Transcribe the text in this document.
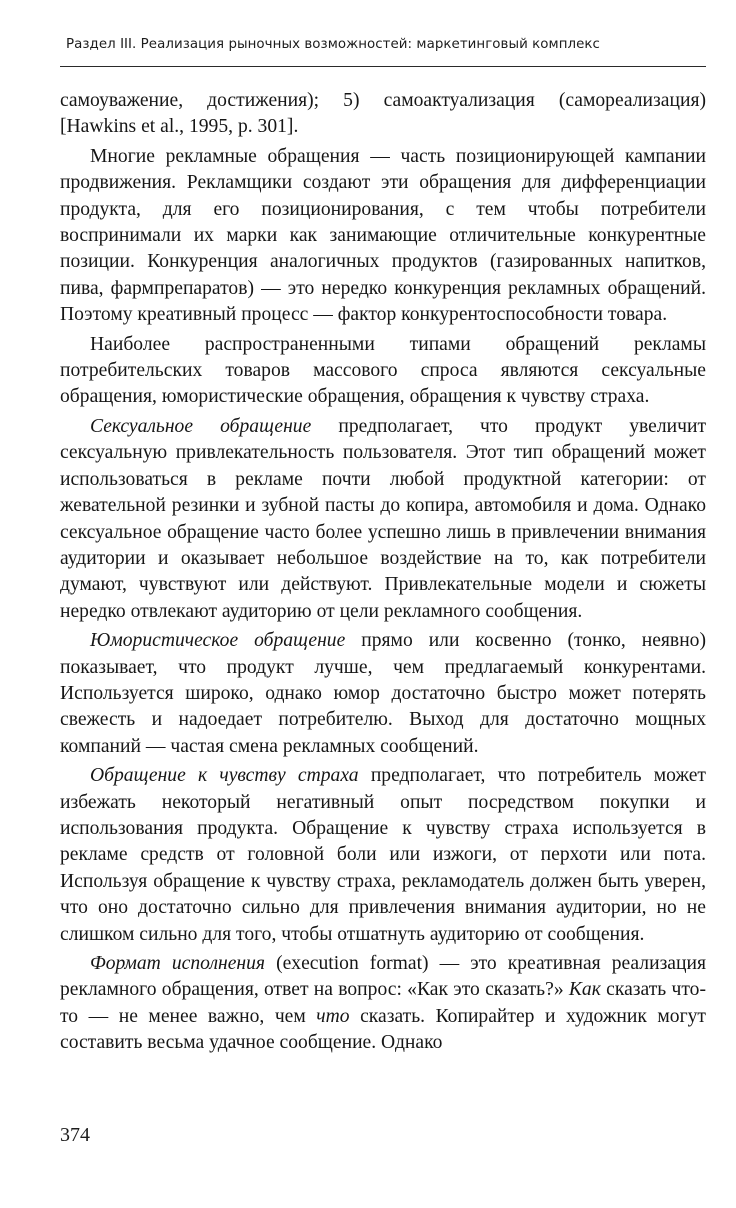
Раздел III. Реализация рыночных возможностей: маркетинговый комплекс

самоуважение, достижения); 5) самоактуализация (самореализация) [Hawkins et al., 1995, p. 301].

Многие рекламные обращения — часть позиционирующей кампании продвижения. Рекламщики создают эти обращения для дифференциации продукта, для его позиционирования, с тем чтобы потребители воспринимали их марки как занимающие отличительные конкурентные позиции. Конкуренция аналогичных продуктов (газированных напитков, пива, фармпрепаратов) — это нередко конкуренция рекламных обращений. Поэтому креативный процесс — фактор конкурентоспособности товара.

Наиболее распространенными типами обращений рекламы потребительских товаров массового спроса являются сексуальные обращения, юмористические обращения, обращения к чувству страха.

Сексуальное обращение предполагает, что продукт увеличит сексуальную привлекательность пользователя. Этот тип обращений может использоваться в рекламе почти любой продуктной категории: от жевательной резинки и зубной пасты до копира, автомобиля и дома. Однако сексуальное обращение часто более успешно лишь в привлечении внимания аудитории и оказывает небольшое воздействие на то, как потребители думают, чувствуют или действуют. Привлекательные модели и сюжеты нередко отвлекают аудиторию от цели рекламного сообщения.

Юмористическое обращение прямо или косвенно (тонко, неявно) показывает, что продукт лучше, чем предлагаемый конкурентами. Используется широко, однако юмор достаточно быстро может потерять свежесть и надоедает потребителю. Выход для достаточно мощных компаний — частая смена рекламных сообщений.

Обращение к чувству страха предполагает, что потребитель может избежать некоторый негативный опыт посредством покупки и использования продукта. Обращение к чувству страха используется в рекламе средств от головной боли или изжоги, от перхоти или пота. Используя обращение к чувству страха, рекламодатель должен быть уверен, что оно достаточно сильно для привлечения внимания аудитории, но не слишком сильно для того, чтобы отшатнуть аудиторию от сообщения.

Формат исполнения (execution format) — это креативная реализация рекламного обращения, ответ на вопрос: «Как это сказать?» Как сказать что-то — не менее важно, чем что сказать. Копирайтер и художник могут составить весьма удачное сообщение. Однако

374
